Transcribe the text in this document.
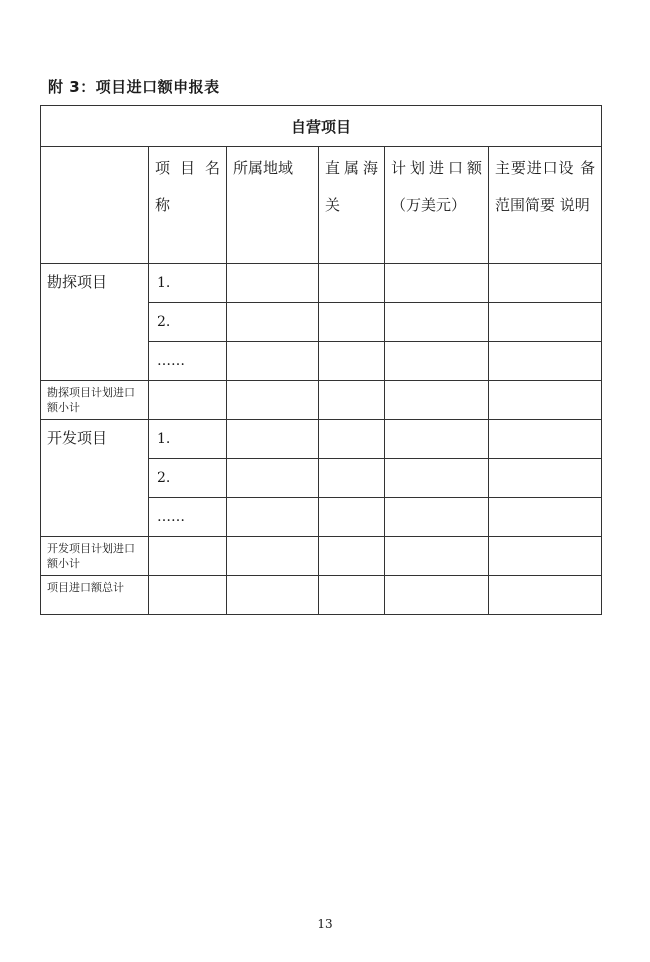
附 3：项目进口额申报表
自营项目					

	项 目 名 称	所属地域	直属海 关	计划进口额 （万美元）	主要进口设 备范围简要 说明

勘探项目	1.				

	2.				

	……				

勘探项目计划进口额小计					

开发项目	1.				

	2.				

	……				

开发项目计划进口额小计					

项目进口额总计					

13
